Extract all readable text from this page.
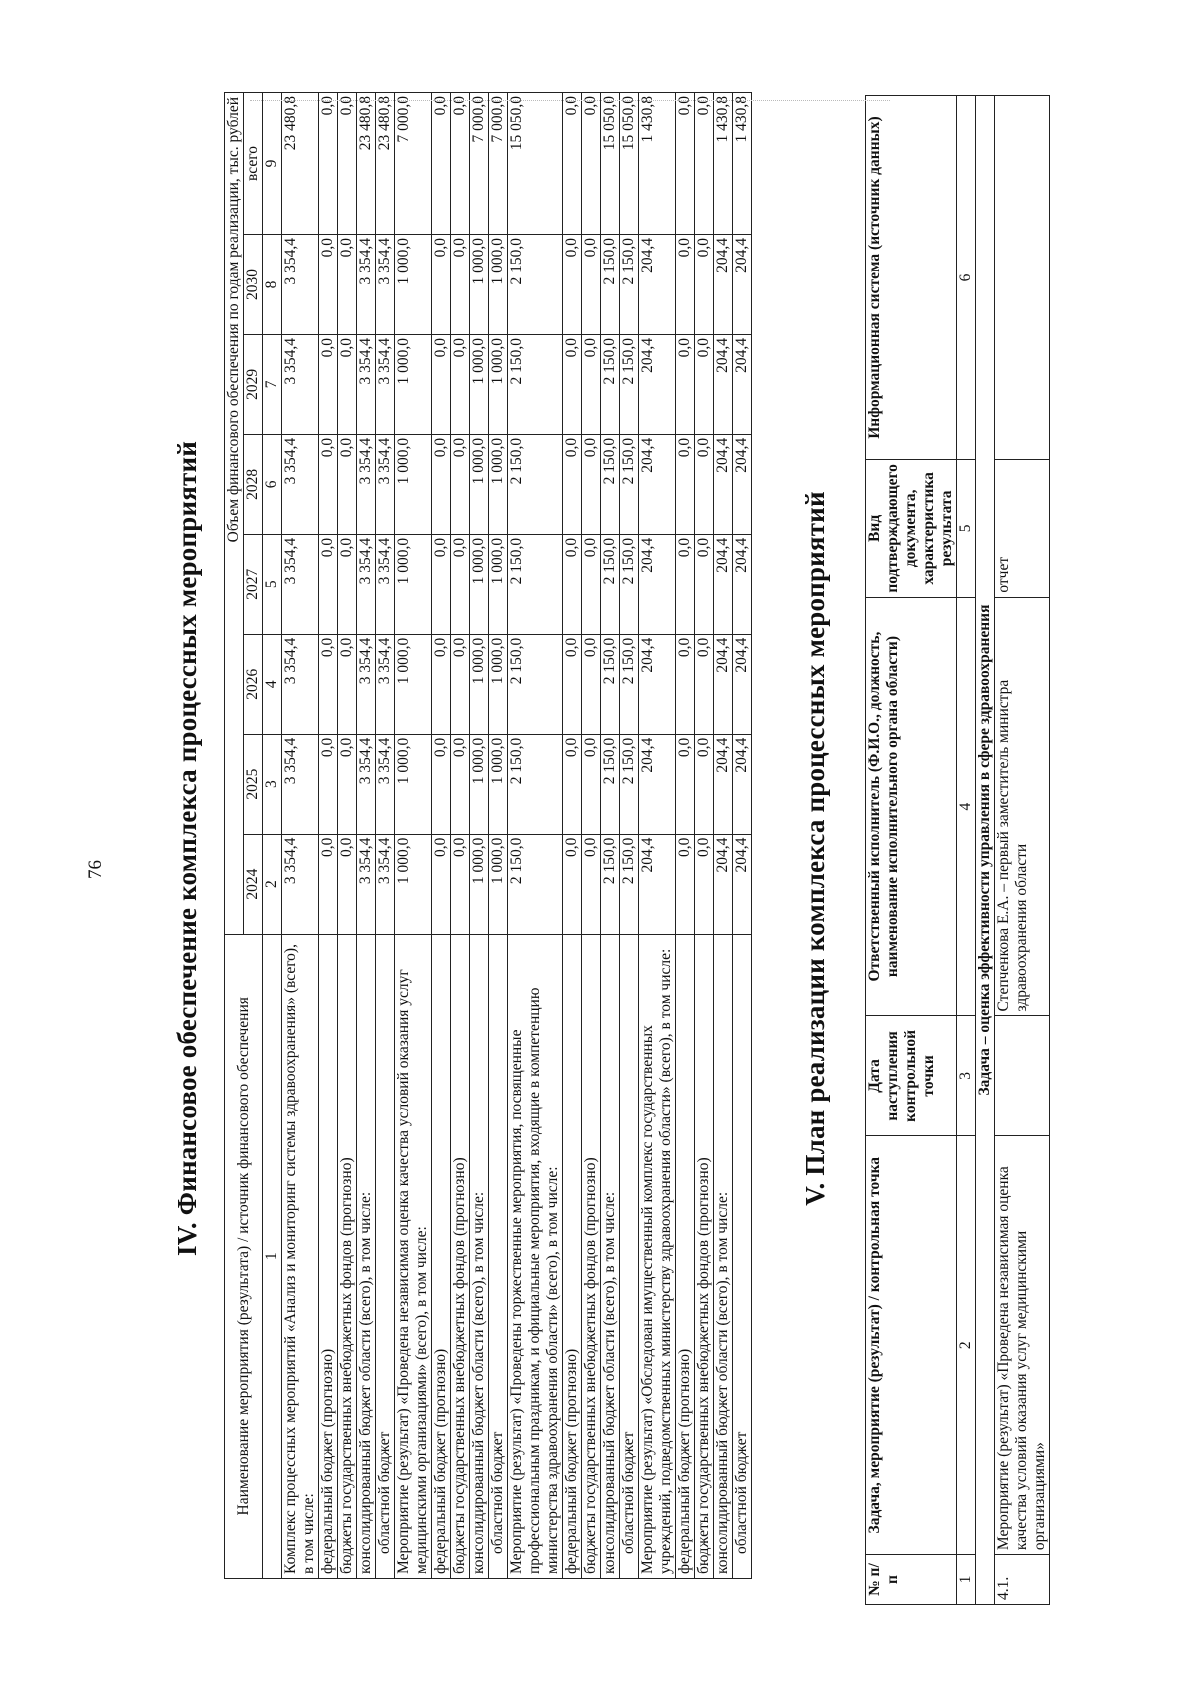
76 IV. Финансовое обеспечение комплекса процессных мероприятий
Наименование мероприятия (результата) / источник финансового обеспечения	Объем финансового обеспечения по годам реализации, тыс. рублей							
	2024	2025	2026	2027	2028	2029	2030	всего
1	2	3	4	5	6	7	8	9
Комплекс процессных мероприятий «Анализ и мониторинг системы здравоохранения» (всего), в том числе:	3 354,4	3 354,4	3 354,4	3 354,4	3 354,4	3 354,4	3 354,4	23 480,8
федеральный бюджет (прогнозно)	0,0	0,0	0,0	0,0	0,0	0,0	0,0	0,0
бюджеты государственных внебюджетных фондов (прогнозно)	0,0	0,0	0,0	0,0	0,0	0,0	0,0	0,0
консолидированный бюджет области (всего), в том числе:	3 354,4	3 354,4	3 354,4	3 354,4	3 354,4	3 354,4	3 354,4	23 480,8
областной бюджет	3 354,4	3 354,4	3 354,4	3 354,4	3 354,4	3 354,4	3 354,4	23 480,8
Мероприятие (результат) «Проведена независимая оценка качества условий оказания услуг медицинскими организациями» (всего), в том числе:	1 000,0	1 000,0	1 000,0	1 000,0	1 000,0	1 000,0	1 000,0	7 000,0
федеральный бюджет (прогнозно)	0,0	0,0	0,0	0,0	0,0	0,0	0,0	0,0
бюджеты государственных внебюджетных фондов (прогнозно)	0,0	0,0	0,0	0,0	0,0	0,0	0,0	0,0
консолидированный бюджет области (всего), в том числе:	1 000,0	1 000,0	1 000,0	1 000,0	1 000,0	1 000,0	1 000,0	7 000,0
областной бюджет	1 000,0	1 000,0	1 000,0	1 000,0	1 000,0	1 000,0	1 000,0	7 000,0
Мероприятие (результат) «Проведены торжественные мероприятия, посвященные профессиональным праздникам, и официальные мероприятия, входящие в компетенцию министерства здравоохранения области» (всего), в том числе:	2 150,0	2 150,0	2 150,0	2 150,0	2 150,0	2 150,0	2 150,0	15 050,0
федеральный бюджет (прогнозно)	0,0	0,0	0,0	0,0	0,0	0,0	0,0	0,0
бюджеты государственных внебюджетных фондов (прогнозно)	0,0	0,0	0,0	0,0	0,0	0,0	0,0	0,0
консолидированный бюджет области (всего), в том числе:	2 150,0	2 150,0	2 150,0	2 150,0	2 150,0	2 150,0	2 150,0	15 050,0
областной бюджет	2 150,0	2 150,0	2 150,0	2 150,0	2 150,0	2 150,0	2 150,0	15 050,0
Мероприятие (результат) «Обследован имущественный комплекс государственных учреждений, подведомственных министерству здравоохранения области» (всего), в том числе:	204,4	204,4	204,4	204,4	204,4	204,4	204,4	1 430,8
федеральный бюджет (прогнозно)	0,0	0,0	0,0	0,0	0,0	0,0	0,0	0,0
бюджеты государственных внебюджетных фондов (прогнозно)	0,0	0,0	0,0	0,0	0,0	0,0	0,0	0,0
консолидированный бюджет области (всего), в том числе:	204,4	204,4	204,4	204,4	204,4	204,4	204,4	1 430,8
областной бюджет	204,4	204,4	204,4	204,4	204,4	204,4	204,4	1 430,8
V. План реализации комплекса процессных мероприятий
№ п/п	Задача, мероприятие (результат) / контрольная точка	Дата наступления контрольной точки	Ответственный исполнитель (Ф.И.О., должность, наименование исполнительного органа области)	Вид подтверждающего документа, характеристика результата	Информационная система (источник данных)
1	2	3	4	5	6
Задача – оценка эффективности управления в сфере здравоохранения					
4.1.	Мероприятие (результат) «Проведена независимая оценка качества условий оказания услуг медицинскими организациями»		Степченкова Е.А. – первый заместитель министра здравоохранения области	отчет	
